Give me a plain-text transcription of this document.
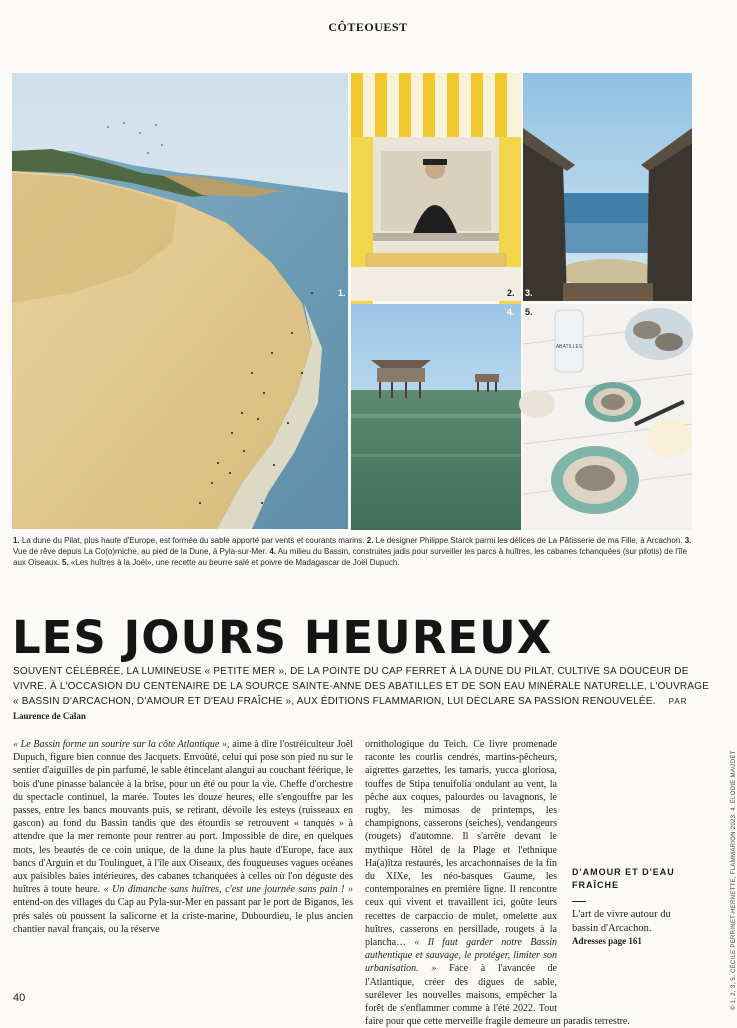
CÔTEOUEST
1.	2. 3.
4.
ABATILLES
5.
1. La dune du Pilat, plus haute d'Europe, est formée du sable apporté par vents et courants marins. 2. Le designer Philippe Starck parmi les délices de La Pâtisserie de ma Fille, à Arcachon. 3. Vue de rêve depuis La Co(o)rniche, au pied de la Dune, à Pyla-sur-Mer. 4. Au milieu du Bassin, construites jadis pour surveiller les parcs à huîtres, les cabanes tchanquées (sur pilotis) de l'île aux Oiseaux. 5. «Les huîtres à la Joël», une recette au beurre salé et poivre de Madagascar de Joël Dupuch.
LES JOURS HEUREUX
SOUVENT CÉLÉBRÉE, LA LUMINEUSE « PETITE MER », DE LA POINTE DU CAP FERRET À LA DUNE DU PILAT, CULTIVE SA DOUCEUR DE VIVRE. À L'OCCASION DU CENTENAIRE DE LA SOURCE SAINTE-ANNE DES ABATILLES ET DE SON EAU MINÉRALE NATURELLE, L'OUVRAGE « BASSIN D'ARCACHON, D'AMOUR ET D'EAU FRAÎCHE », AUX ÉDITIONS FLAMMARION, LUI DÉCLARE SA PASSION RENOUVELÉE. PAR Laurence de Calan
« Le Bassin forme un sourire sur la côte Atlantique », aime à dire l'ostréiculteur Joël Dupuch, figure bien connue des Jacquets. Envoûté, celui qui pose son pied nu sur le sentier d'aiguilles de pin parfumé, le sable étincelant alangui au couchant féérique, le bois d'une pinasse balancée à la brise, pour un été ou pour la vie. Cheffe d'orchestre du spectacle continuel, la marée. Toutes les douze heures, elle s'engouffre par les passes, entre les bancs mouvants puis, se retirant, dévoile les esteys (ruisseaux en gascon) au fond du Bassin tandis que des étourdis se retrouvent « tanqués » à attendre que la mer remonte pour rentrer au port. Impossible de dire, en quelques mots, les beautés de ce coin unique, de la dune la plus haute d'Europe, face aux bancs d'Arguin et du Toulinguet, à l'île aux Oiseaux, des fougueuses vagues océanes aux paisibles baies intérieures, des cabanes tchanquées à celles où l'on déguste des huîtres à toute heure. « Un dimanche sans huîtres, c'est une journée sans pain ! » entend-on des villages du Cap au Pyla-sur-Mer en passant par le port de Biganos, les prés salés où poussent la salicorne et la criste-marine, Dubourdieu, le plus ancien chantier naval français, ou la réserve
ornithologique du Teich. Ce livre promenade raconte les courlis cendrés, martins-pêcheurs, aigrettes garzettes, les tamaris, yucca gloriosa, touffes de Stipa tenuifolia ondulant au vent, la pêche aux coques, palourdes ou lavagnons, le rugby, les mimosas de printemps, les champignons, casserons (seiches), vendangeurs (rougets) d'automne. Il s'arrête devant le mythique Hôtel de la Plage et l'ethnique Ha(a)ïtza restaurés, les arcachonnaises de la fin du XIXe, les néo-basques Gaume, les contemporaines en première ligne. Il rencontre ceux qui vivent et travaillent ici, goûte leurs recettes de carpaccio de mulet, omelette aux huîtres, casserons en persillade, rougets à la plancha… « Il faut garder notre Bassin authentique et sauvage, le protéger, limiter son urbanisation. » Face à l'avancée de l'Atlantique, créer des digues de sable, surélever les nouvelles maisons, empêcher la forêt de s'enflammer comme à l'été 2022. Tout faire pour que cette merveille fragile demeure un paradis terrestre.
D'AMOUR ET D'EAU FRAÎCHE
L'art de vivre autour du bassin d'Arcachon.
Adresses page 161	© 1, 2, 3, 5. CÉCILE PERRINET-HERNETTE, FLAMMARION 2023. 4. ÉLODIE MAUDET
40
